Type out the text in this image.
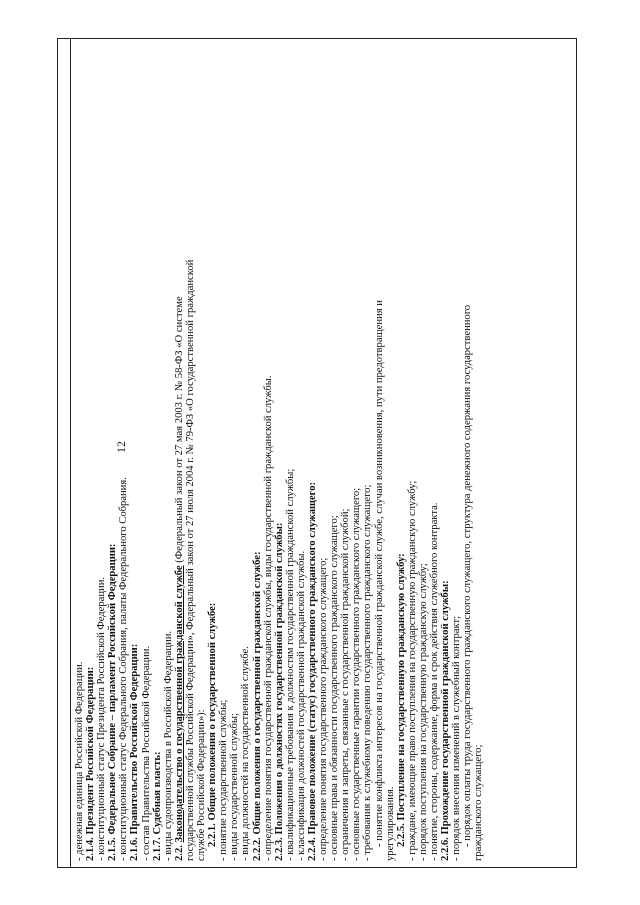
12
- денежная единица Российской Федерации. 2.1.4. Президент Российской Федерации: - конституционный статус Президента Российской Федерации. 2.1.5. Федеральное Собрание – парламент Российской Федерации: - конституционный статус Федерального Собрания, палаты Федерального Собрания. 2.1.6. Правительство Российской Федерации: - состав Правительства Российской Федерации. 2.1.7. Судебная власть: - виды судопроизводства в Российской Федерации. 2.2. Законодательство о государственной гражданской службе (Федеральный закон от 27 мая 2003 г. № 58-ФЗ «О системе государственной службы Российской Федерации», Федеральный закон от 27 июля 2004 г. № 79-ФЗ «О государственной гражданской службе Российской Федерации»): 2.2.1. Общие положения о государственной службе: - понятие государственной службы; - виды государственной службы; - виды должностей на государственной службе. 2.2.2. Общие положения о государственной гражданской службе: - определение понятия государственной гражданской службы, виды государственной гражданской службы. 2.2.3. Положения о должностях государственной гражданской службы: - квалификационные требования к должностям государственной гражданской службы; - классификация должностей государственной гражданской службы. 2.2.4. Правовое положение (статус) государственного гражданского служащего: - определение понятия государственного гражданского служащего; - основные права и обязанности государственного гражданского служащего; - ограничения и запреты, связанные с государственной гражданской службой; - основные государственные гарантии государственного гражданского служащего; - требования к служебному поведению государственного гражданского служащего; - понятие конфликта интересов на государственной гражданской службе, случаи возникновения, пути предотвращения и урегулирования. 2.2.5. Поступление на государственную гражданскую службу: - граждане, имеющие право поступления на государственную гражданскую службу; - порядок поступления на государственную гражданскую службу; - понятие, стороны, содержание, форма и срок действия служебного контракта. 2.2.6. Прохождение государственной гражданской службы: - порядок внесения изменений в служебный контракт; - порядок оплаты труда государственного гражданского служащего, структура денежного содержания государственного гражданского служащего;
